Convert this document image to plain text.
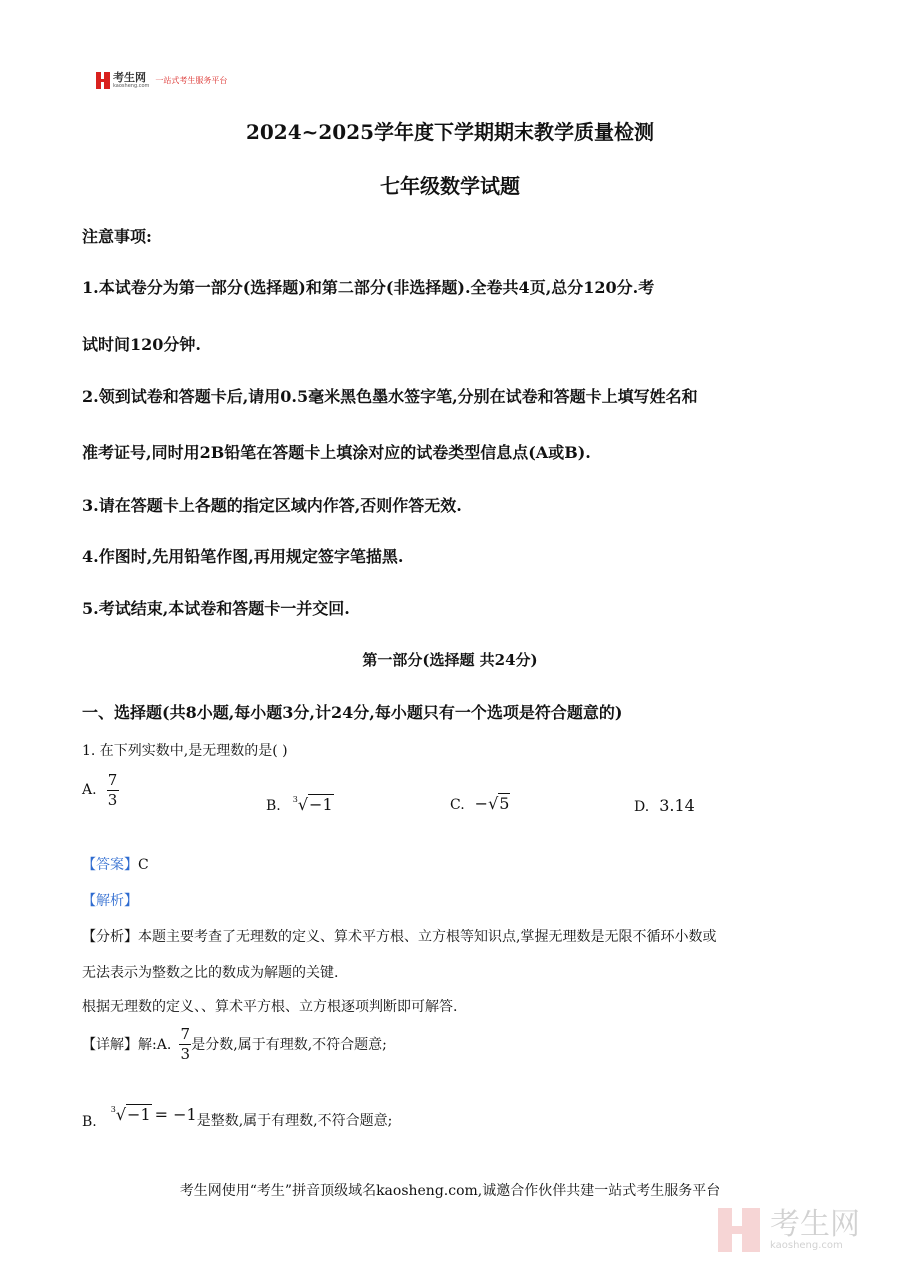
考生网
kaosheng.com
一站式考生服务平台
2024~2025学年度下学期期末教学质量检测
七年级数学试题
注意事项:
1.本试卷分为第一部分(选择题)和第二部分(非选择题).全卷共4页,总分120分.考
试时间120分钟.
2.领到试卷和答题卡后,请用0.5毫米黑色墨水签字笔,分别在试卷和答题卡上填写姓名和
准考证号,同时用2B铅笔在答题卡上填涂对应的试卷类型信息点(A或B).
3.请在答题卡上各题的指定区域内作答,否则作答无效.
4.作图时,先用铅笔作图,再用规定签字笔描黑.
5.考试结束,本试卷和答题卡一并交回.
第一部分(选择题 共24分)
一、选择题(共8小题,每小题3分,计24分,每小题只有一个选项是符合题意的)
1. 在下列实数中,是无理数的是( )
A. $\frac{7}{3}$	B. 3 √ −1	C. −√5	D. 3.14
【答案】C
【解析】
【分析】本题主要考查了无理数的定义、算术平方根、立方根等知识点,掌握无理数是无限不循环小数或
无法表示为整数之比的数成为解题的关键.
根据无理数的定义、、算术平方根、立方根逐项判断即可解答.
【详解】解:A. $\frac{7}{3}$ 是分数,属于有理数,不符合题意;
B.
3 √ −1 = −1 是整数,属于有理数,不符合题意;
考生网使用“考生”拼音顶级域名kaosheng.com,诚邀合作伙伴共建一站式考生服务平台
考生网
kaosheng.com
